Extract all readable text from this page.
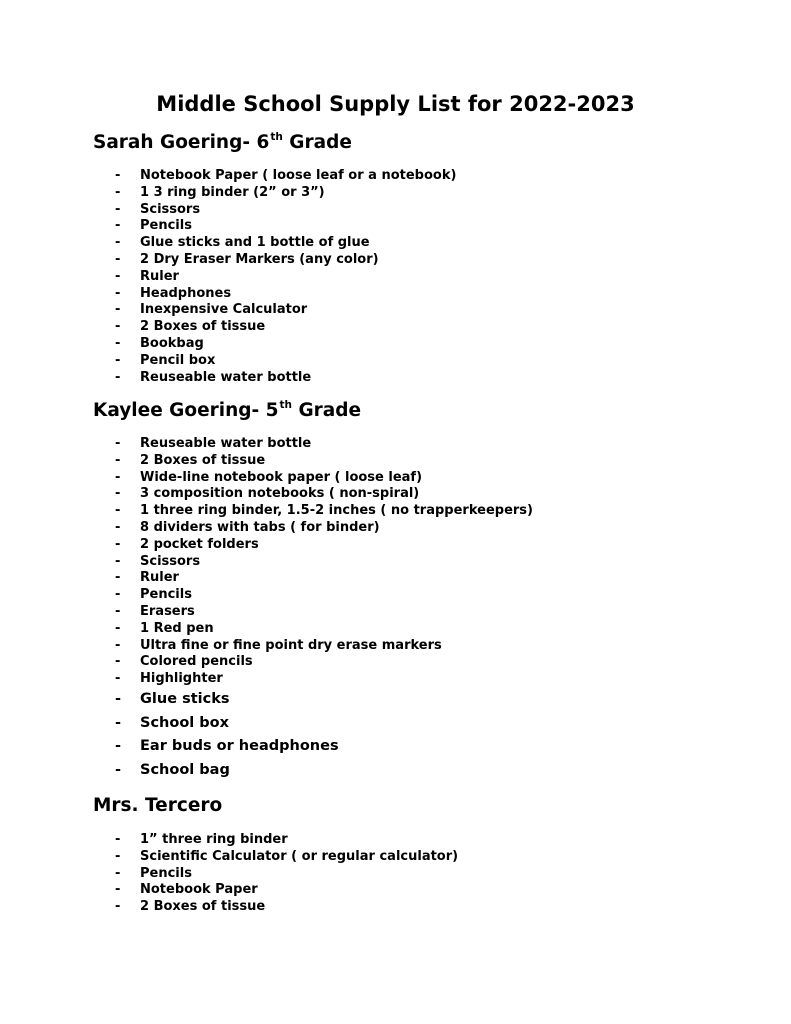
Middle School Supply List for 2022-2023
Sarah Goering- 6th Grade
-	Notebook Paper ( loose leaf or a notebook)
-	1 3 ring binder (2” or 3”)
-	Scissors
-	Pencils
-	Glue sticks and 1 bottle of glue
-	2 Dry Eraser Markers (any color)
-	Ruler
-	Headphones
-	Inexpensive Calculator
-	2 Boxes of tissue
-	Bookbag
-	Pencil box
-	Reuseable water bottle
Kaylee Goering- 5th Grade
-	Reuseable water bottle
-	2 Boxes of tissue
-	Wide-line notebook paper ( loose leaf)
-	3 composition notebooks ( non-spiral)
-	1 three ring binder, 1.5-2 inches ( no trapperkeepers)
-	8 dividers with tabs ( for binder)
-	2 pocket folders
-	Scissors
-	Ruler
-	Pencils
-	Erasers
-	1 Red pen
-	Ultra fine or fine point dry erase markers
-	Colored pencils
-	Highlighter
-	Glue sticks
-	School box
-	Ear buds or headphones
-	School bag
Mrs. Tercero
-	1” three ring binder
-	Scientific Calculator ( or regular calculator)
-	Pencils
-	Notebook Paper
-	2 Boxes of tissue
